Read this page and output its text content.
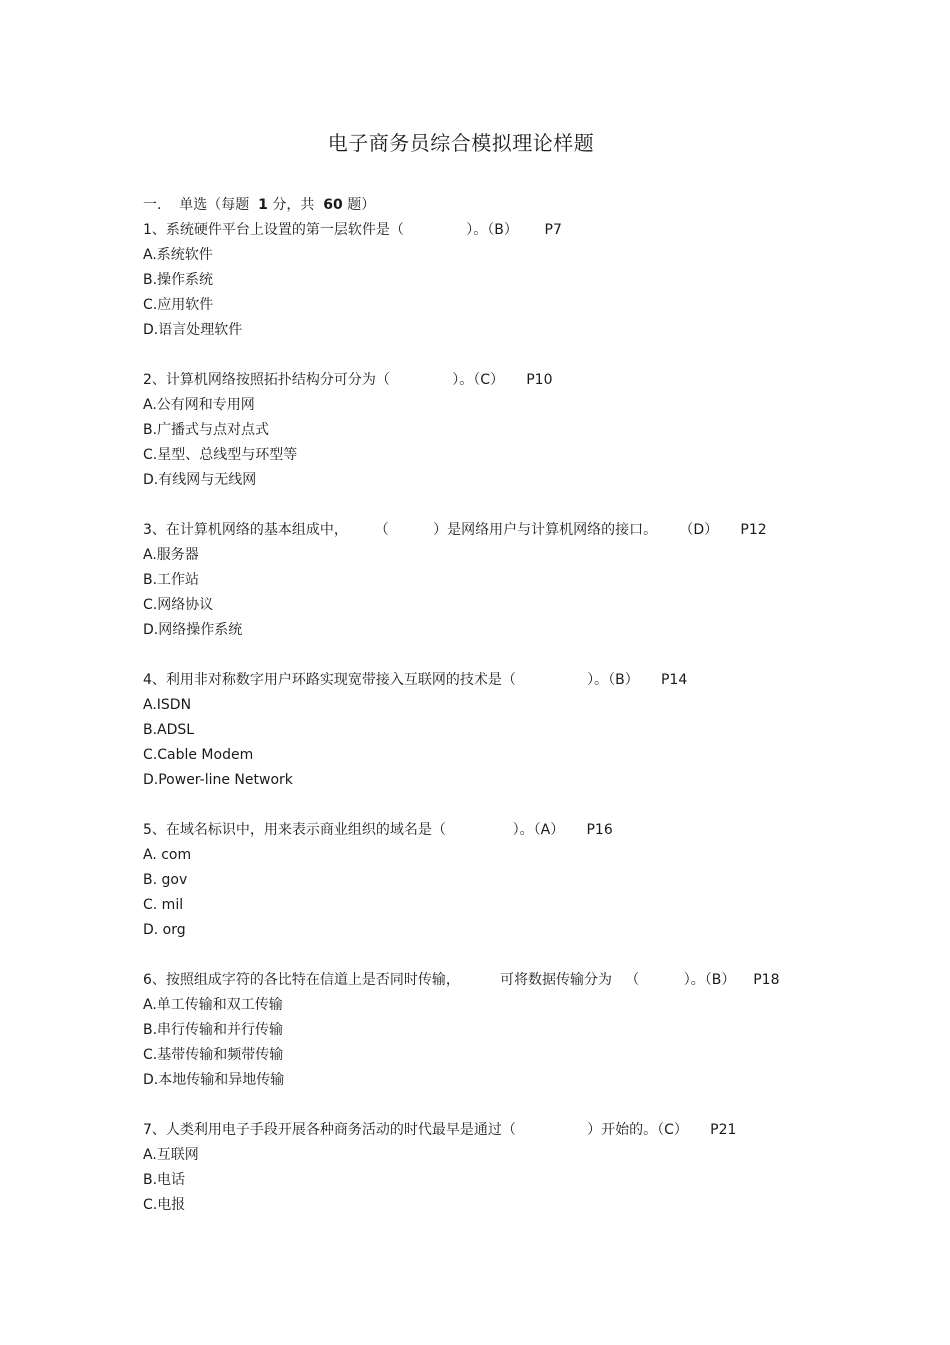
电子商务员综合模拟理论样题
一. 单选（每题 1 分，共 60 题）
1、系统硬件平台上设置的第一层软件是（              ）。（B）      P7
A.系统软件
B.操作系统
C.应用软件
D.语言处理软件
2、计算机网络按照拓扑结构分可分为（              ）。（C）     P10
A.公有网和专用网
B.广播式与点对点式
C.星型、总线型与环型等
D.有线网与无线网
3、在计算机网络的基本组成中，      （          ）是网络用户与计算机网络的接口。     （D）     P12
A.服务器
B.工作站
C.网络协议
D.网络操作系统
4、利用非对称数字用户环路实现宽带接入互联网的技术是（                ）。（B）     P14
A.ISDN
B.ADSL
C.Cable Modem
D.Power-line Network
5、在域名标识中，用来表示商业组织的域名是（               ）。（A）     P16
A. com
B. gov
C. mil
D. org
6、按照组成字符的各比特在信道上是否同时传输，         可将数据传输分为   （          ）。（B）    P18
A.单工传输和双工传输
B.串行传输和并行传输
C.基带传输和频带传输
D.本地传输和异地传输
7、人类利用电子手段开展各种商务活动的时代最早是通过（                ）开始的。（C）     P21
A.互联网
B.电话
C.电报
